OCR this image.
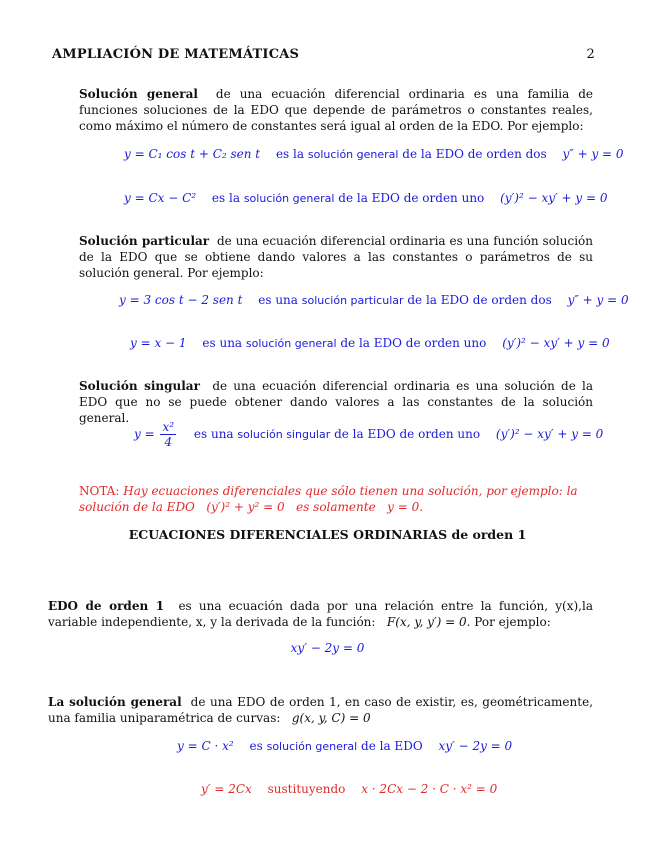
AMPLIACIÓN DE MATEMÁTICAS	2
Solución general de una ecuación diferencial ordinaria es una familia de funciones soluciones de la EDO que depende de parámetros o constantes reales, como máximo el número de constantes será igual al orden de la EDO. Por ejemplo:
y = C₁ cos t + C₂ sen t es la solución general de la EDO de orden dos y″ + y = 0
y = Cx − C² es la solución general de la EDO de orden uno (y′)² − xy′ + y = 0
Solución particular de una ecuación diferencial ordinaria es una función solución de la EDO que se obtiene dando valores a las constantes o parámetros de su solución general. Por ejemplo:
y = 3 cos t − 2 sen t es una solución particular de la EDO de orden dos y″ + y = 0
y = x − 1 es una solución general de la EDO de orden uno (y′)² − xy′ + y = 0
Solución singular de una ecuación diferencial ordinaria es una solución de la EDO que no se puede obtener dando valores a las constantes de la solución general.
$y = \frac{\text{x²}}{4}$ es una solución singular de la EDO de orden uno (y′)² − xy′ + y = 0
NOTA: Hay ecuaciones diferenciales que sólo tienen una solución, por ejemplo: la solución de la EDO (y′)² + y² = 0 es solamente y = 0.
ECUACIONES DIFERENCIALES ORDINARIAS de orden 1
EDO de orden 1 es una ecuación dada por una relación entre la función, y(x),la variable independiente, x, y la derivada de la función: F(x, y, y′) = 0. Por ejemplo:
xy′ − 2y = 0
La solución general de una EDO de orden 1, en caso de existir, es, geométricamente, una familia uniparamétrica de curvas: g(x, y, C) = 0
y = C · x² es solución general de la EDO xy′ − 2y = 0
y′ = 2Cx sustituyendo x · 2Cx − 2 · C · x² = 0
